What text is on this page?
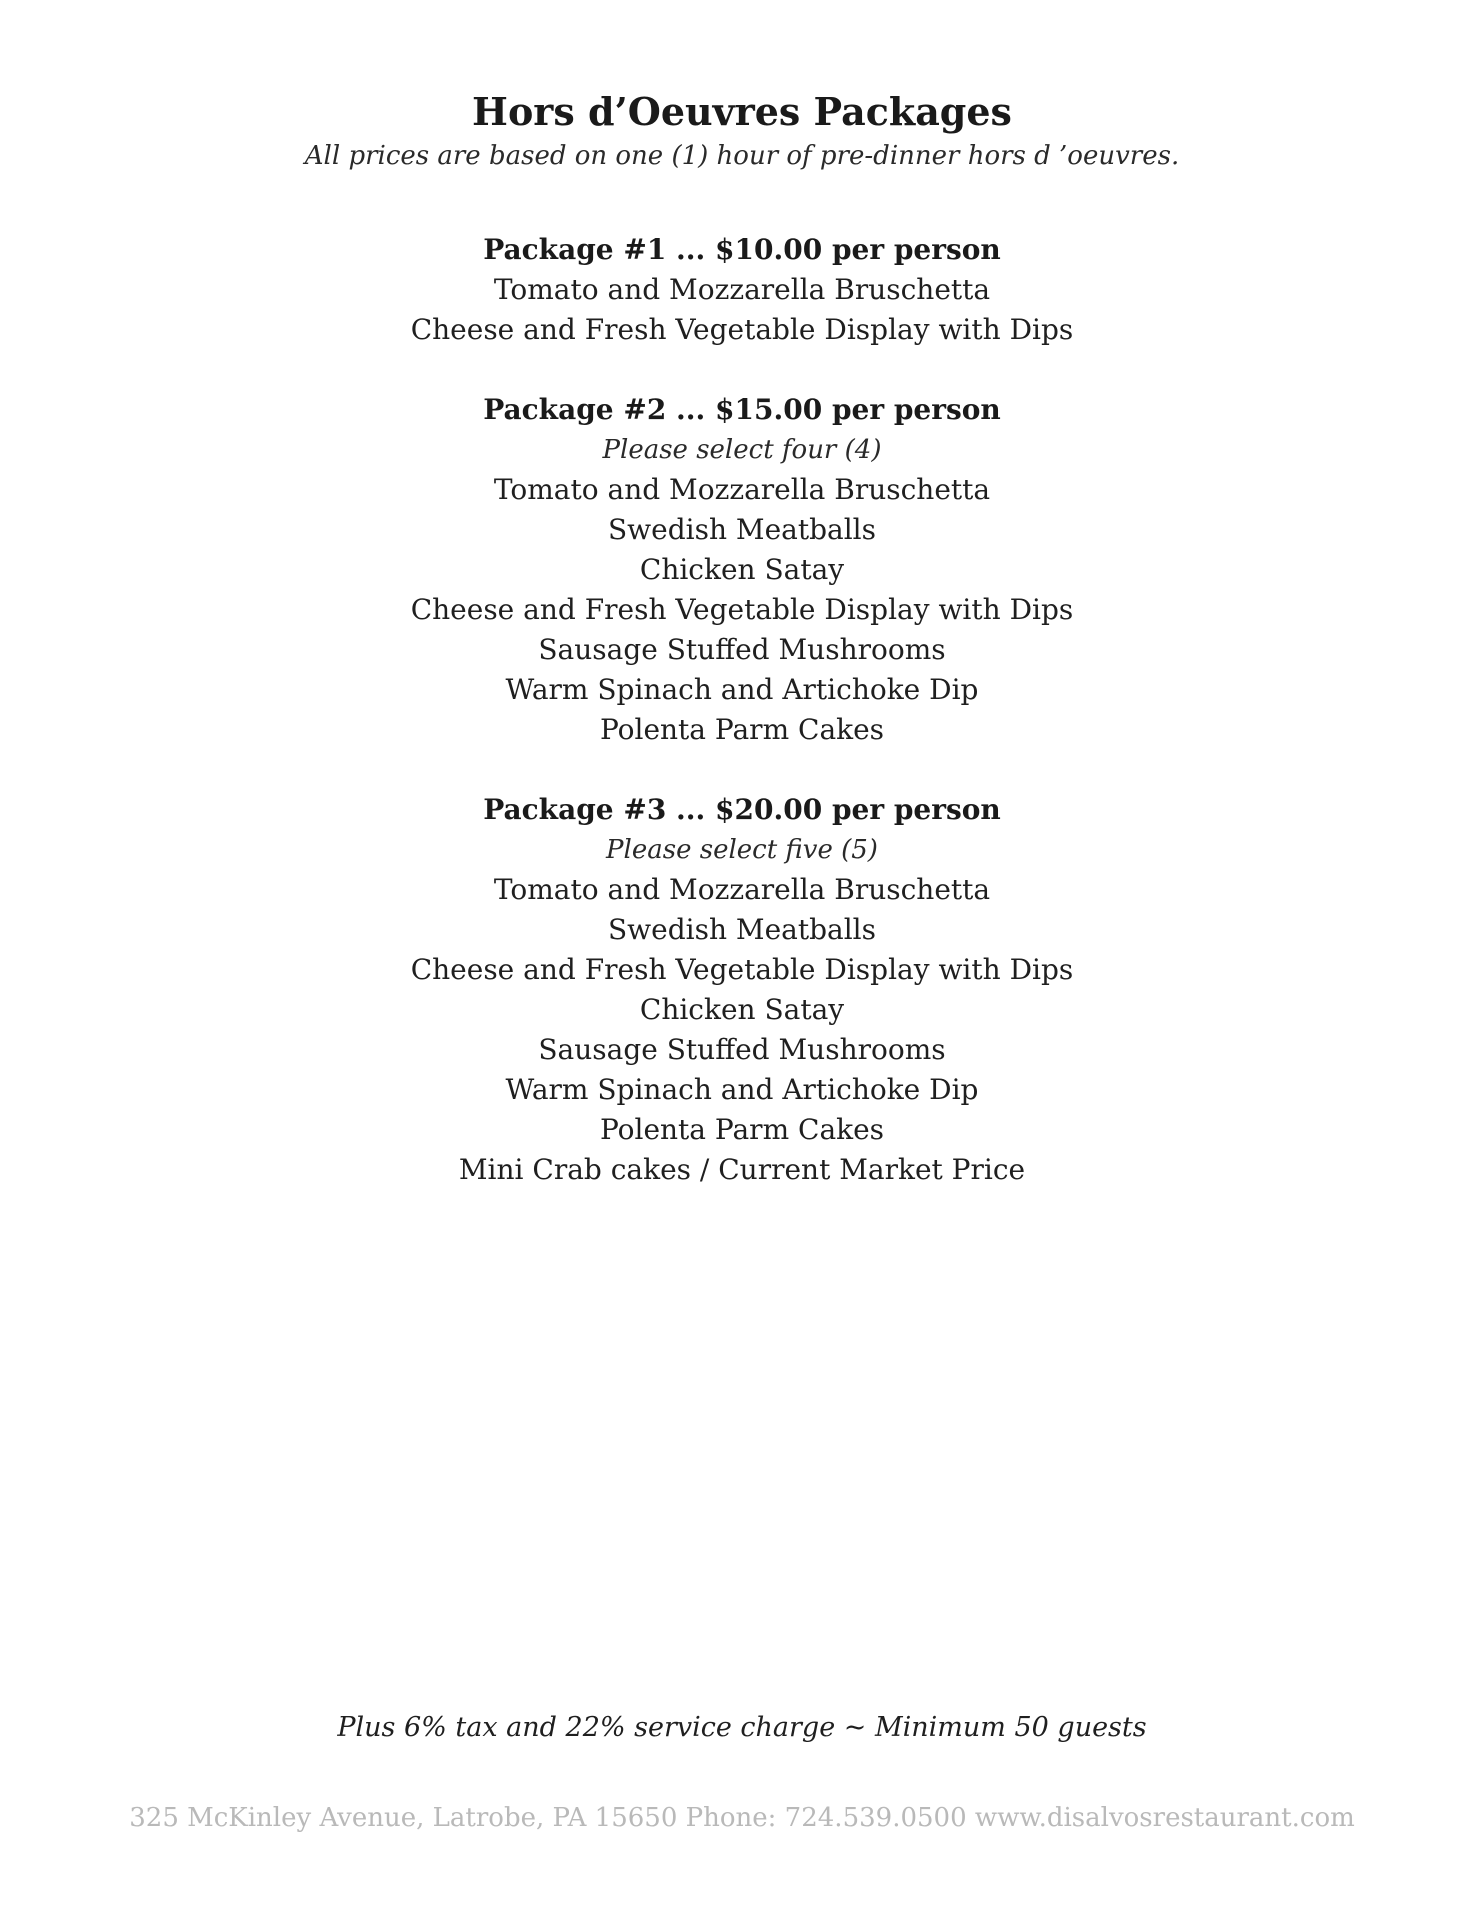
Hors d’Oeuvres Packages
All prices are based on one (1) hour of pre-dinner hors d ’oeuvres.
Package #1 ... $10.00 per person
Tomato and Mozzarella Bruschetta
Cheese and Fresh Vegetable Display with Dips
Package #2 ... $15.00 per person
Please select four (4)
Tomato and Mozzarella Bruschetta
Swedish Meatballs
Chicken Satay
Cheese and Fresh Vegetable Display with Dips
Sausage Stuffed Mushrooms
Warm Spinach and Artichoke Dip
Polenta Parm Cakes
Package #3 ... $20.00 per person
Please select five (5)
Tomato and Mozzarella Bruschetta
Swedish Meatballs
Cheese and Fresh Vegetable Display with Dips
Chicken Satay
Sausage Stuffed Mushrooms
Warm Spinach and Artichoke Dip
Polenta Parm Cakes
Mini Crab cakes / Current Market Price
Plus 6% tax and 22% service charge ~ Minimum 50 guests
325 McKinley Avenue, Latrobe, PA 15650 Phone: 724.539.0500 www.disalvosrestaurant.com
